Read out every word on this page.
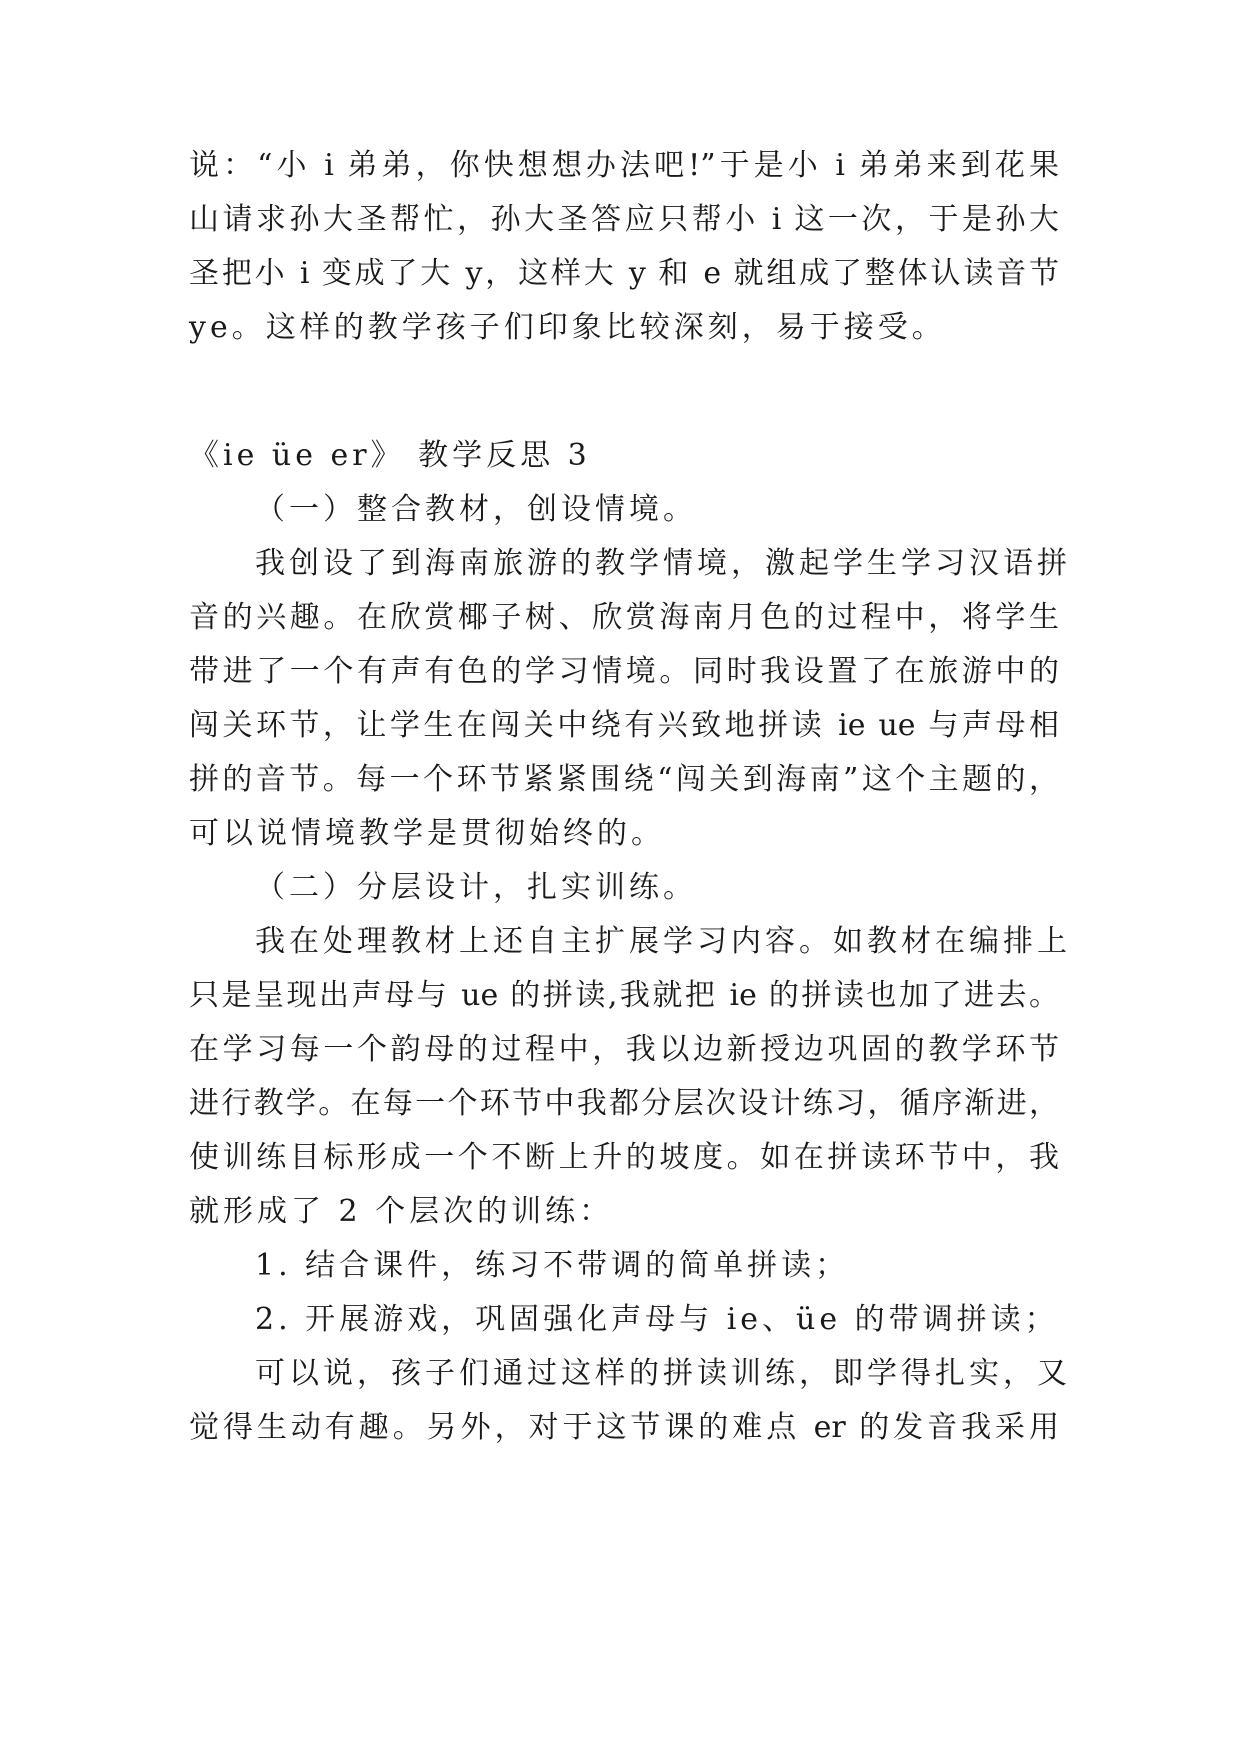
说：“小 i 弟弟，你快想想办法吧!”于是小 i 弟弟来到花果
山请求孙大圣帮忙，孙大圣答应只帮小 i 这一次，于是孙大
圣把小 i 变成了大 y，这样大 y 和 e 就组成了整体认读音节
ye。这样的教学孩子们印象比较深刻，易于接受。
《ie üe er》 教学反思 3
（一）整合教材，创设情境。
我创设了到海南旅游的教学情境，激起学生学习汉语拼
音的兴趣。在欣赏椰子树、欣赏海南月色的过程中，将学生
带进了一个有声有色的学习情境。同时我设置了在旅游中的
闯关环节，让学生在闯关中绕有兴致地拼读 ie ue 与声母相
拼的音节。每一个环节紧紧围绕“闯关到海南”这个主题的，
可以说情境教学是贯彻始终的。
（二）分层设计，扎实训练。
我在处理教材上还自主扩展学习内容。如教材在编排上
只是呈现出声母与 ue 的拼读,我就把 ie 的拼读也加了进去。
在学习每一个韵母的过程中，我以边新授边巩固的教学环节
进行教学。在每一个环节中我都分层次设计练习，循序渐进，
使训练目标形成一个不断上升的坡度。如在拼读环节中，我
就形成了 2 个层次的训练：
1. 结合课件，练习不带调的简单拼读；
2. 开展游戏，巩固强化声母与 ie、üe 的带调拼读；
可以说，孩子们通过这样的拼读训练，即学得扎实，又
觉得生动有趣。另外，对于这节课的难点 er 的发音我采用
